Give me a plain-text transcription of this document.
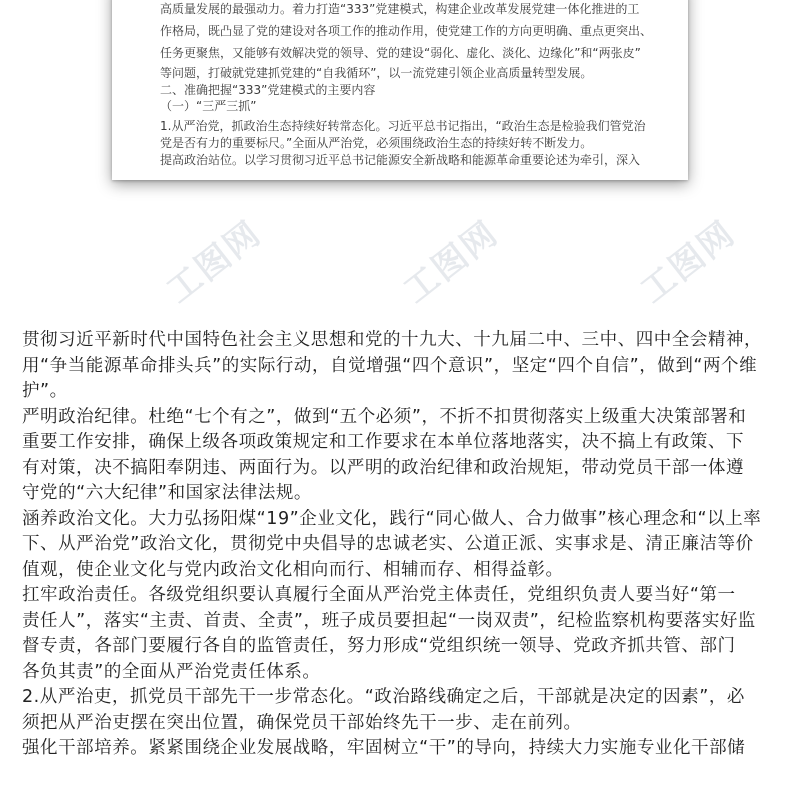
高质量发展的最强动力。着力打造“333”党建模式，构建企业改革发展党建一体化推进的工
作格局，既凸显了党的建设对各项工作的推动作用，使党建工作的方向更明确、重点更突出、
任务更聚焦，又能够有效解决党的领导、党的建设“弱化、虚化、淡化、边缘化”和“两张皮”
等问题，打破就党建抓党建的“自我循环”，以一流党建引领企业高质量转型发展。
二、准确把握“333”党建模式的主要内容
（一）“三严三抓”
1.从严治党，抓政治生态持续好转常态化。习近平总书记指出，“政治生态是检验我们管党治
党是否有力的重要标尺。”全面从严治党，必须围绕政治生态的持续好转不断发力。
提高政治站位。以学习贯彻习近平总书记能源安全新战略和能源革命重要论述为牵引，深入
工图网	工图网	工图网
贯彻习近平新时代中国特色社会主义思想和党的十九大、十九届二中、三中、四中全会精神，
用“争当能源革命排头兵”的实际行动，自觉增强“四个意识”，坚定“四个自信”，做到“两个维
护”。
严明政治纪律。杜绝“七个有之”，做到“五个必须”，不折不扣贯彻落实上级重大决策部署和
重要工作安排，确保上级各项政策规定和工作要求在本单位落地落实，决不搞上有政策、下
有对策，决不搞阳奉阴违、两面行为。以严明的政治纪律和政治规矩，带动党员干部一体遵
守党的“六大纪律”和国家法律法规。
涵养政治文化。大力弘扬阳煤“19”企业文化，践行“同心做人、合力做事”核心理念和“以上率
下、从严治党”政治文化，贯彻党中央倡导的忠诚老实、公道正派、实事求是、清正廉洁等价
值观，使企业文化与党内政治文化相向而行、相辅而存、相得益彰。
扛牢政治责任。各级党组织要认真履行全面从严治党主体责任，党组织负责人要当好“第一
责任人”，落实“主责、首责、全责”，班子成员要担起“一岗双责”，纪检监察机构要落实好监
督专责，各部门要履行各自的监管责任，努力形成“党组织统一领导、党政齐抓共管、部门
各负其责”的全面从严治党责任体系。
2.从严治吏，抓党员干部先干一步常态化。“政治路线确定之后，干部就是决定的因素”，必
须把从严治吏摆在突出位置，确保党员干部始终先干一步、走在前列。
强化干部培养。紧紧围绕企业发展战略，牢固树立“干”的导向，持续大力实施专业化干部储
